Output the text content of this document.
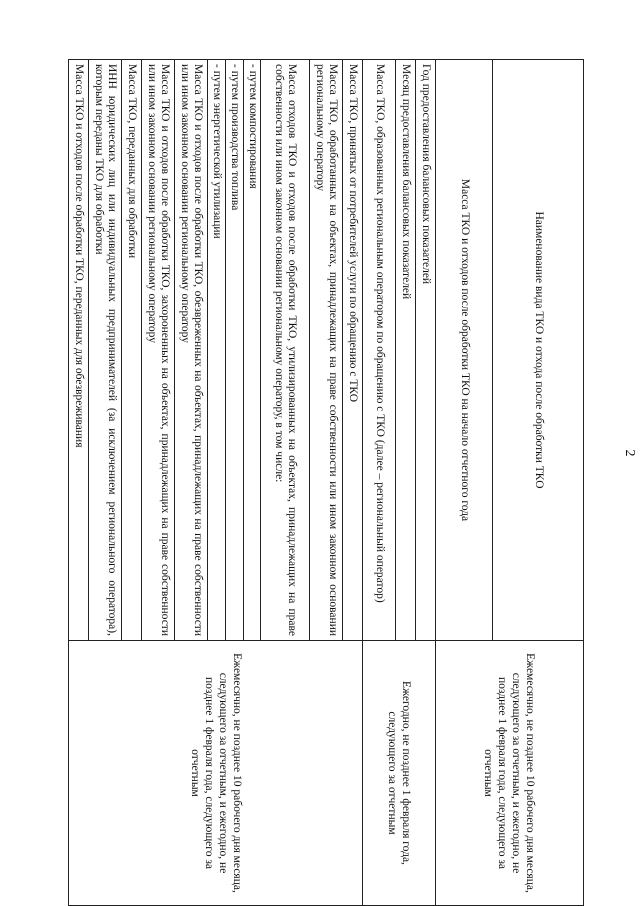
2
Наименование вида ТКО и отхода после обработки ТКО	Ежемесячно, не позднее 10 рабочего дня месяца, следующего за отчетным, и ежегодно, не позднее 1 февраля года, следующего за отчетным
Масса ТКО и отходов после обработки ТКО на начало отчетного года	
Год предоставления балансовых показателей	Ежегодно, не позднее 1 февраля года, следующего за отчетным
Месяц предоставления балансовых показателей	
Масса ТКО, образованных региональным оператором по обращению с ТКО (далее – региональный оператор)	
Масса ТКО, принятых от потребителей услуги по обращению с ТКО	Ежемесячно, не позднее 10 рабочего дня месяца, следующего за отчетным, и ежегодно, не позднее 1 февраля года, следующего за отчетным
Масса ТКО, обработанных на объектах, принадлежащих на праве собственности или ином законном основании региональному оператору	
Масса отходов ТКО и отходов после обработки ТКО, утилизированных на объектах, принадлежащих на праве собственности или ином законном основании региональному оператору, в том числе:	
- путем компостирования	
- путем производства топлива	
- путем энергетической утилизации	
Масса ТКО и отходов после обработки ТКО, обезвреженных на объектах, принадлежащих на праве собственности или ином законном основании региональному оператору	
Масса ТКО и отходов после обработки ТКО, захороненных на объектах, принадлежащих на праве собственности или ином законном основании региональному оператору	
Масса ТКО, переданных для обработки	
ИНН юридических лиц или индивидуальных предпринимателей (за исключением регионального оператора), которым переданы ТКО для обработки	
Масса ТКО и отходов после обработки ТКО, переданных для обезвреживания	
